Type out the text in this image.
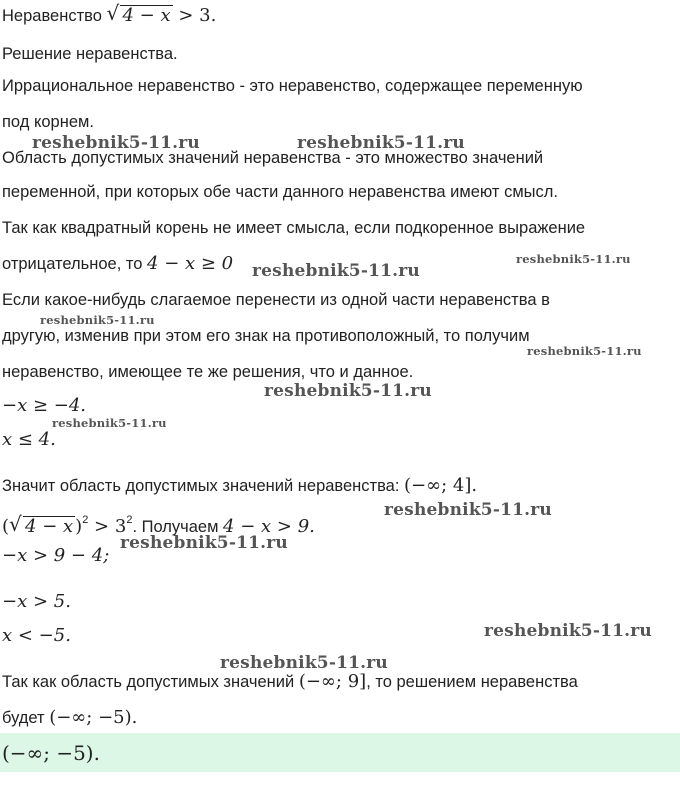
Неравенство √ 4 − x > 3.
Решение неравенства.
Иррациональное неравенство - это неравенство, содержащее переменную
под корнем.
Область допустимых значений неравенства - это множество значений
переменной, при которых обе части данного неравенства имеют смысл.
Так как квадратный корень не имеет смысла, если подкоренное выражение
отрицательное, то 4 − x ≥ 0
Если какое-нибудь слагаемое перенести из одной части неравенства в
другую, изменив при этом его знак на противоположный, то получим
неравенство, имеющее те же решения, что и данное.
−x ≥ −4.
x ≤ 4.
Значит область допустимых значений неравенства: (−∞; 4].
( √ 4 − x )$^2 > 3^2$. Получаем 4 − x > 9.
−x > 9 − 4;
−x > 5.
x < −5.
Так как область допустимых значений (−∞; 9], то решением неравенства
будет (−∞; −5).
(−∞; −5).
reshebnik5-11.ru	reshebnik5-11.ru
reshebnik5-11.ru
reshebnik5-11.ru
reshebnik5-11.ru
reshebnik5-11.ru
reshebnik5-11.ru
reshebnik5-11.ru
reshebnik5-11.ru
reshebnik5-11.ru
reshebnik5-11.ru
reshebnik5-11.ru
